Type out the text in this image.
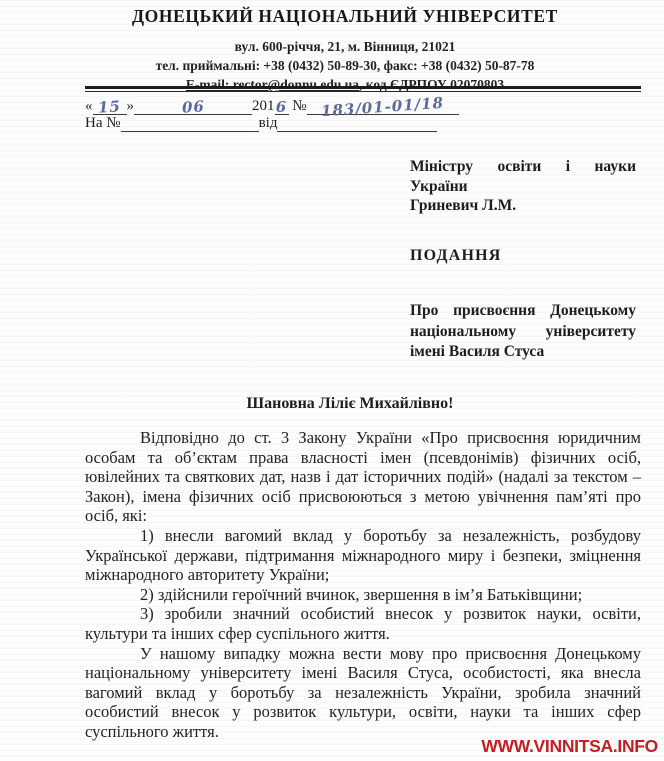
ДОНЕЦЬКИЙ НАЦІОНАЛЬНИЙ УНІВЕРСИТЕТ
вул. 600-річчя, 21, м. Вінниця, 21021
тел. приймальні: +38 (0432) 50-89-30, факс: +38 (0432) 50-87-78
E-mail: rector@donnu.edu.ua, код ЄДРПОУ 02070803
« 15 »	06	2016 № 183/01-01/18
На №	від
Міністру освіти і науки
України
Гриневич Л.М.
ПОДАННЯ
Про присвоєння Донецькому
національному університету
імені Василя Стуса
Шановна Ліліє Михайлівно!

Відповідно до ст. 3 Закону України «Про присвоєння юридичним особам та об’єктам права власності імен (псевдонімів) фізичних осіб, ювілейних та святкових дат, назв і дат історичних подій» (надалі за текстом – Закон), імена фізичних осіб присвоюються з метою увічнення пам’яті про осіб, які:

1) внесли вагомий вклад у боротьбу за незалежність, розбудову Української держави, підтримання міжнародного миру і безпеки, зміцнення міжнародного авторитету України;

2) здійснили героїчний вчинок, звершення в ім’я Батьківщини;

3) зробили значний особистий внесок у розвиток науки, освіти, культури та інших сфер суспільного життя.

У нашому випадку можна вести мову про присвоєння Донецькому національному університету імені Василя Стуса, особистості, яка внесла вагомий вклад у боротьбу за незалежність України, зробила значний особистий внесок у розвиток культури, освіти, науки та інших сфер суспільного життя.

WWW.VINNITSA.INFO
